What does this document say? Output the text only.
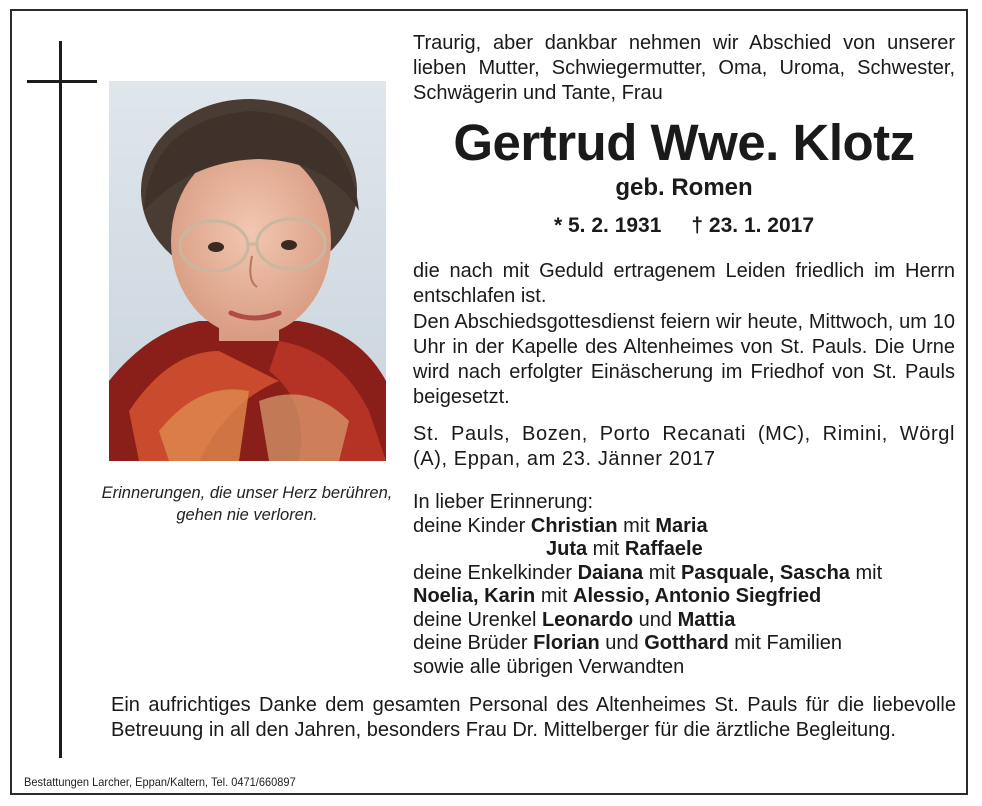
Erinnerungen, die unser Herz berühren, gehen nie verloren.
Traurig, aber dankbar nehmen wir Abschied von unserer lieben Mutter, Schwiegermutter, Oma, Uroma, Schwester, Schwägerin und Tante, Frau
Gertrud Wwe. Klotz
geb. Romen
* 5. 2. 1931 † 23. 1. 2017
die nach mit Geduld ertragenem Leiden friedlich im Herrn entschlafen ist.
Den Abschiedsgottesdienst feiern wir heute, Mittwoch, um 10 Uhr in der Kapelle des Altenheimes von St. Pauls. Die Urne wird nach erfolgter Einäscherung im Friedhof von St. Pauls beigesetzt.
St. Pauls, Bozen, Porto Recanati (MC), Rimini, Wörgl (A), Eppan, am 23. Jänner 2017
In lieber Erinnerung:
deine Kinder Christian mit Maria
Juta mit Raffaele
deine Enkelkinder Daiana mit Pasquale, Sascha mit
Noelia, Karin mit Alessio, Antonio Siegfried
deine Urenkel Leonardo und Mattia
deine Brüder Florian und Gotthard mit Familien
sowie alle übrigen Verwandten
Ein aufrichtiges Danke dem gesamten Personal des Altenheimes St. Pauls für die liebevolle Betreuung in all den Jahren, besonders Frau Dr. Mittelberger für die ärztliche Begleitung.
Bestattungen Larcher, Eppan/Kaltern, Tel. 0471/660897
